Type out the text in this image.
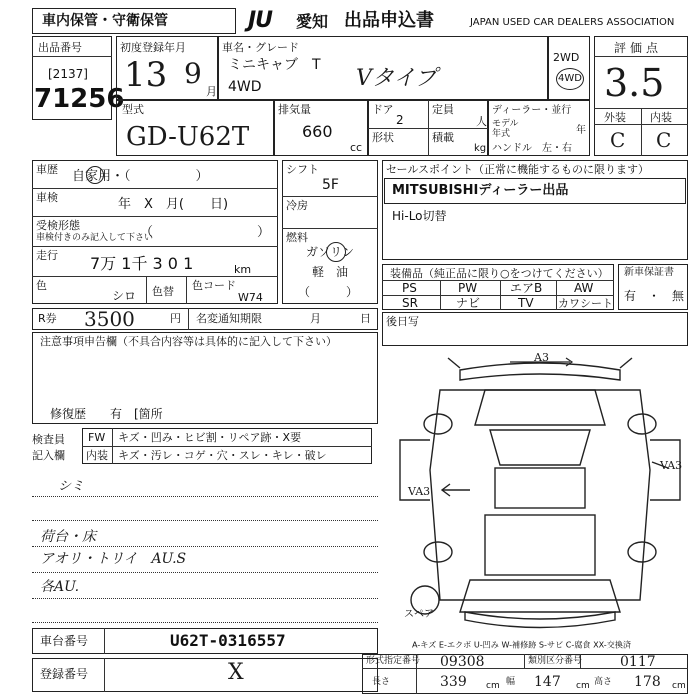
車内保管・守衛保管	JU 愛知 出品申込書	JAPAN USED CAR DEALERS ASSOCIATION
出品番号
[2137]
71256
初度登録年月
13 9
月
車名・グレード
ミニキャブ　T
4WD	Vタイプ
2WD
4WD
評価点
3.5
外装 内装
C C
型式
GD-U62T
排気量
660
cc
ドア
2
定員
人
形状	積載
kg
ディーラー・並行
モデル
年式	年
ハンドル　左・右
車歴 自家用・（　　　　　）
車検	年　X　月(　　日)
受検形態
車検付きのみ記入して下さい
（　　　　　　　　）
走行 7万 1千 3 0 1	km
色
シロ 色替 色コード
W74
シフト
5F
冷房
燃料
ガソリン
軽　油
（　　　）
セールスポイント（正常に機能するものに限ります）
MITSUBISHIディーラー出品
Hi-Lo切替
装備品（純正品に限り○をつけてください）
PS	PW	エアB	AW
SR	ナビ	TV カワシート
新車保証書
有　・　無
R券 3500	円 名変通知期限	月	日 後日写
注意事項申告欄（不具合内容等は具体的に記入して下さい）
修復歴　　有　[箇所
検査員
記入欄
FW キズ・凹み・ヒビ割・リペア跡・X要
内装 キズ・汚レ・コゲ・穴・スレ・キレ・破レ
シミ
荷台・床
アオリ・トリイ　AU.S
各AU.
A3
VA3
VA3
スペア
A-キズ E-エクボ U-凹み W-補修跡 S-サビ C-腐食 XX-交換済
車台番号	U62T-0316557
登録番号	X	形式指定番号 09308	類別区分番号	0117
長さ	339 cm 幅 147 cm 高さ 178 cm
